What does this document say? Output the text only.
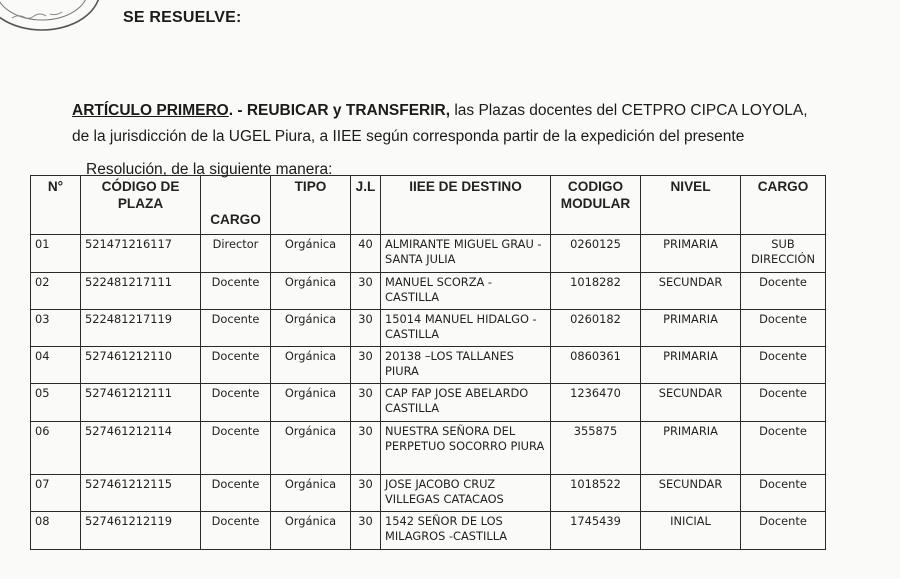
SE RESUELVE:
ARTÍCULO PRIMERO. - REUBICAR y TRANSFERIR, las Plazas docentes del CETPRO CIPCA LOYOLA,
de la jurisdicción de la UGEL Piura, a IIEE según corresponda partir de la expedición del presente
Resolución, de la siguiente manera:
N°	CÓDIGO DE PLAZA	CARGO	TIPO	J.L	IIEE DE DESTINO	CODIGO MODULAR	NIVEL	CARGO
01	521471216117	Director	Orgánica	40	ALMIRANTE MIGUEL GRAU -SANTA JULIA	0260125	PRIMARIA	SUB DIRECCIÓN
02	522481217111	Docente	Orgánica	30	MANUEL SCORZA - CASTILLA	1018282	SECUNDAR	Docente
03	522481217119	Docente	Orgánica	30	15014 MANUEL HIDALGO -CASTILLA	0260182	PRIMARIA	Docente
04	527461212110	Docente	Orgánica	30	20138 –LOS TALLANES PIURA	0860361	PRIMARIA	Docente
05	527461212111	Docente	Orgánica	30	CAP FAP JOSE ABELARDO CASTILLA	1236470	SECUNDAR	Docente
06	527461212114	Docente	Orgánica	30	NUESTRA SEÑORA DEL PERPETUO SOCORRO PIURA	355875	PRIMARIA	Docente
07	527461212115	Docente	Orgánica	30	JOSE JACOBO CRUZ VILLEGAS CATACAOS	1018522	SECUNDAR	Docente
08	527461212119	Docente	Orgánica	30	1542 SEÑOR DE LOS MILAGROS -CASTILLA	1745439	INICIAL	Docente
